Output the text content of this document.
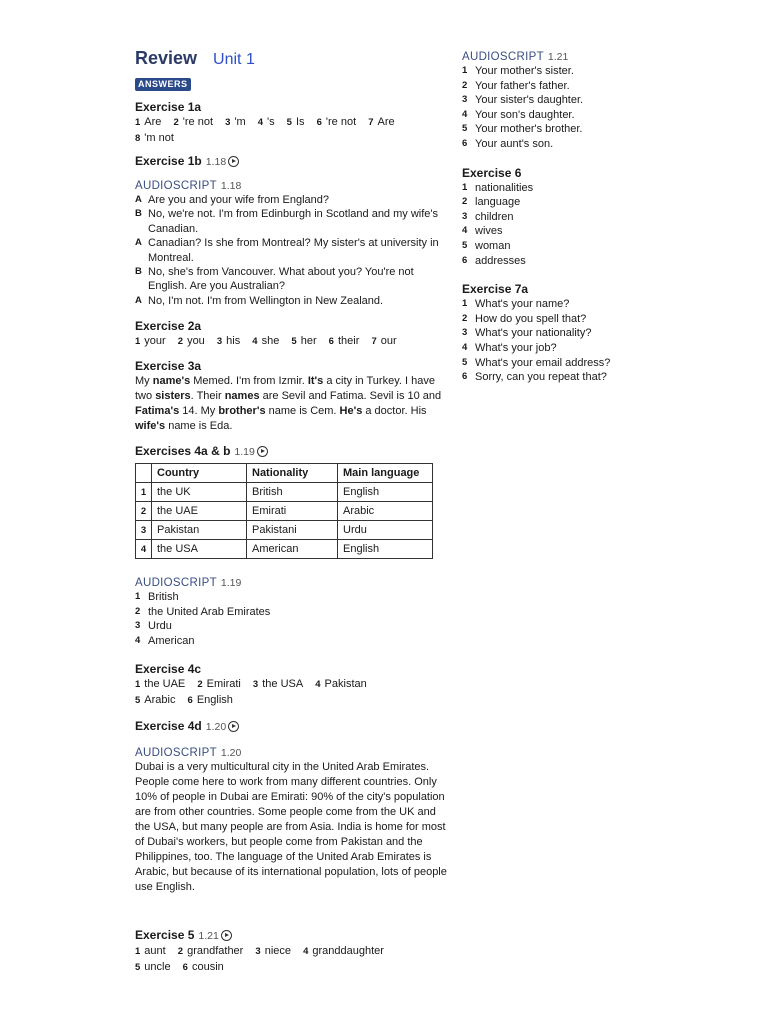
Review Unit 1
ANSWERS

Exercise 1a

1 Are 2 're not 3 'm 4 's 5 Is 6 're not 7 Are
8 'm not

Exercise 1b 1.18

AUDIOSCRIPT 1.18

A Are you and your wife from England?
B No, we're not. I'm from Edinburgh in Scotland and my wife's Canadian.
A Canadian? Is she from Montreal? My sister's at university in Montreal.
B No, she's from Vancouver. What about you? You're not English. Are you Australian?
A No, I'm not. I'm from Wellington in New Zealand.

Exercise 2a

1 your 2 you 3 his 4 she 5 her 6 their 7 our

Exercise 3a

My name's Memed. I'm from Izmir. It's a city in Turkey. I have two sisters. Their names are Sevil and Fatima. Sevil is 10 and Fatima's 14. My brother's name is Cem. He's a doctor. His wife's name is Eda.

Exercises 4a & b 1.19

	Country	Nationality	Main language
1	the UK	British	English
2	the UAE	Emirati	Arabic
3	Pakistan	Pakistani	Urdu
4	the USA	American	English

AUDIOSCRIPT 1.19

1 British
2 the United Arab Emirates
3 Urdu
4 American

Exercise 4c

1 the UAE 2 Emirati 3 the USA 4 Pakistan
5 Arabic 6 English

Exercise 4d 1.20

AUDIOSCRIPT 1.20

Dubai is a very multicultural city in the United Arab Emirates. People come here to work from many different countries. Only 10% of people in Dubai are Emirati: 90% of the city's population are from other countries. Some people come from the UK and the USA, but many people are from Asia. India is home for most of Dubai's workers, but people come from Pakistan and the Philippines, too. The language of the United Arab Emirates is Arabic, but because of its international population, lots of people use English.

Exercise 5 1.21

1 aunt 2 grandfather 3 niece 4 granddaughter
5 uncle 6 cousin

AUDIOSCRIPT 1.21

1 Your mother's sister.
2 Your father's father.
3 Your sister's daughter.
4 Your son's daughter.
5 Your mother's brother.
6 Your aunt's son.

Exercise 6

1 nationalities
2 language
3 children
4 wives
5 woman
6 addresses

Exercise 7a

1 What's your name?
2 How do you spell that?
3 What's your nationality?
4 What's your job?
5 What's your email address?
6 Sorry, can you repeat that?
